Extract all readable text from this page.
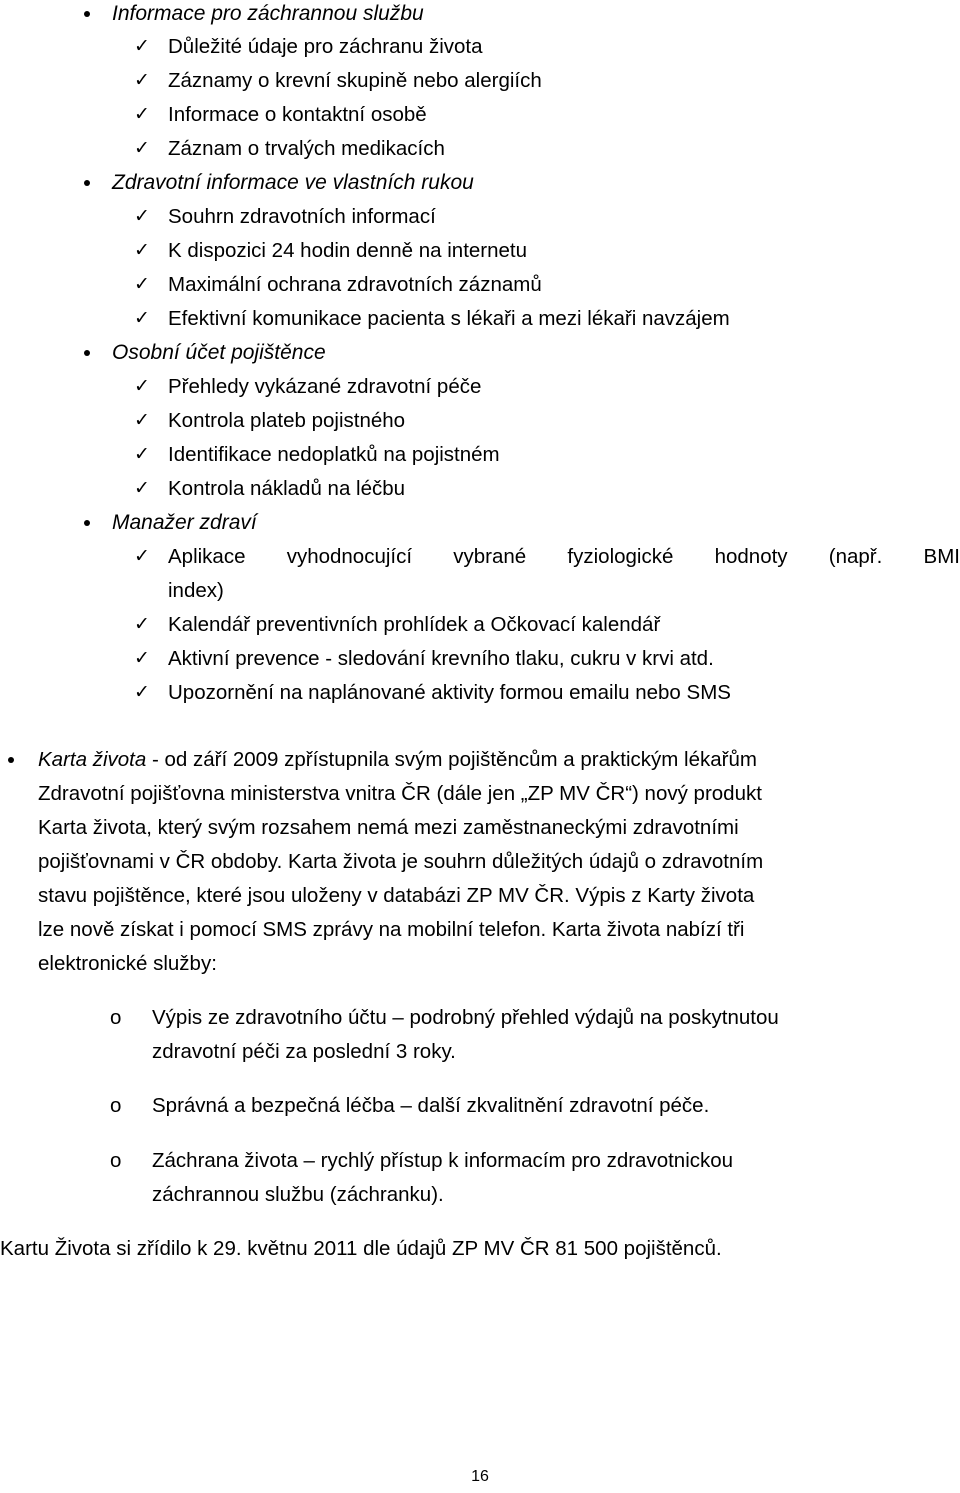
Informace pro záchrannou službu
✓ Důležité údaje pro záchranu života
✓ Záznamy o krevní skupině nebo alergiích
✓ Informace o kontaktní osobě
✓ Záznam o trvalých medikacích
Zdravotní informace ve vlastních rukou
✓ Souhrn zdravotních informací
✓ K dispozici 24 hodin denně na internetu
✓ Maximální ochrana zdravotních záznamů
✓ Efektivní komunikace pacienta s lékaři a mezi lékaři navzájem
Osobní účet pojištěnce
✓ Přehledy vykázané zdravotní péče
✓ Kontrola plateb pojistného
✓ Identifikace nedoplatků na pojistném
✓ Kontrola nákladů na léčbu
Manažer zdraví
✓ Aplikace vyhodnocující vybrané fyziologické hodnoty (např. BMI
index)
✓ Kalendář preventivních prohlídek a Očkovací kalendář
✓ Aktivní prevence - sledování krevního tlaku, cukru v krvi atd.
✓ Upozornění na naplánované aktivity formou emailu nebo SMS
Karta života - od září 2009 zpřístupnila svým pojištěncům a praktickým lékařům
Zdravotní pojišťovna ministerstva vnitra ČR (dále jen „ZP MV ČR“) nový produkt
Karta života, který svým rozsahem nemá mezi zaměstnaneckými zdravotními
pojišťovnami v ČR obdoby. Karta života je souhrn důležitých údajů o zdravotním
stavu pojištěnce, které jsou uloženy v databázi ZP MV ČR. Výpis z Karty života
lze nově získat i pomocí SMS zprávy na mobilní telefon. Karta života nabízí tři
elektronické služby:
o Výpis ze zdravotního účtu – podrobný přehled výdajů na poskytnutou
zdravotní péči za poslední 3 roky.
o Správná a bezpečná léčba – další zkvalitnění zdravotní péče.
o Záchrana života – rychlý přístup k informacím pro zdravotnickou
záchrannou službu (záchranku).
Kartu Života si zřídilo k 29. květnu 2011 dle údajů ZP MV ČR 81 500 pojištěnců.
16
